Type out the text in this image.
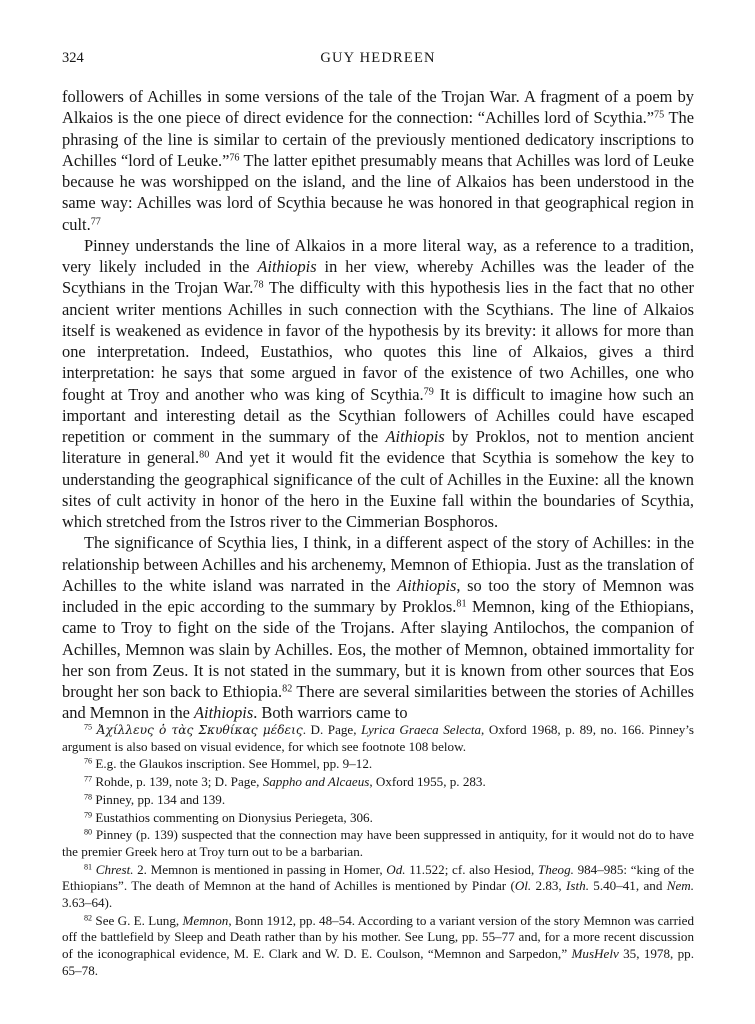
324	GUY HEDREEN

followers of Achilles in some versions of the tale of the Trojan War. A fragment of a poem by Alkaios is the one piece of direct evidence for the connection: “Achilles lord of Scythia.”$^{75}$ The phrasing of the line is similar to certain of the previously mentioned dedicatory inscriptions to Achilles “lord of Leuke.”$^{76}$ The latter epithet presumably means that Achilles was lord of Leuke because he was worshipped on the island, and the line of Alkaios has been understood in the same way: Achilles was lord of Scythia because he was honored in that geographical region in cult.$^{77}$

Pinney understands the line of Alkaios in a more literal way, as a reference to a tradition, very likely included in the Aithiopis in her view, whereby Achilles was the leader of the Scythians in the Trojan War.$^{78}$ The difficulty with this hypothesis lies in the fact that no other ancient writer mentions Achilles in such connection with the Scythians. The line of Alkaios itself is weakened as evidence in favor of the hypothesis by its brevity: it allows for more than one interpretation. Indeed, Eustathios, who quotes this line of Alkaios, gives a third interpretation: he says that some argued in favor of the existence of two Achilles, one who fought at Troy and another who was king of Scythia.$^{79}$ It is difficult to imagine how such an important and interesting detail as the Scythian followers of Achilles could have escaped repetition or comment in the summary of the Aithiopis by Proklos, not to mention ancient literature in general.$^{80}$ And yet it would fit the evidence that Scythia is somehow the key to understanding the geographical significance of the cult of Achilles in the Euxine: all the known sites of cult activity in honor of the hero in the Euxine fall within the boundaries of Scythia, which stretched from the Istros river to the Cimmerian Bosphoros.

The significance of Scythia lies, I think, in a different aspect of the story of Achilles: in the relationship between Achilles and his archenemy, Memnon of Ethiopia. Just as the translation of Achilles to the white island was narrated in the Aithiopis, so too the story of Memnon was included in the epic according to the summary by Proklos.$^{81}$ Memnon, king of the Ethiopians, came to Troy to fight on the side of the Trojans. After slaying Antilochos, the companion of Achilles, Memnon was slain by Achilles. Eos, the mother of Memnon, obtained immortality for her son from Zeus. It is not stated in the summary, but it is known from other sources that Eos brought her son back to Ethiopia.$^{82}$ There are several similarities between the stories of Achilles and Memnon in the Aithiopis. Both warriors came to

$^{75}$ Ἀχίλλευς ὁ τὰς Σκυθίκας μέδεις. D. Page, Lyrica Graeca Selecta, Oxford 1968, p. 89, no. 166. Pinney’s argument is also based on visual evidence, for which see footnote 108 below.

$^{76}$ E.g. the Glaukos inscription. See Hommel, pp. 9–12.

$^{77}$ Rohde, p. 139, note 3; D. Page, Sappho and Alcaeus, Oxford 1955, p. 283.

$^{78}$ Pinney, pp. 134 and 139.

$^{79}$ Eustathios commenting on Dionysius Periegeta, 306.

$^{80}$ Pinney (p. 139) suspected that the connection may have been suppressed in antiquity, for it would not do to have the premier Greek hero at Troy turn out to be a barbarian.

$^{81}$ Chrest. 2. Memnon is mentioned in passing in Homer, Od. 11.522; cf. also Hesiod, Theog. 984–985: “king of the Ethiopians”. The death of Memnon at the hand of Achilles is mentioned by Pindar (Ol. 2.83, Isth. 5.40–41, and Nem. 3.63–64).

$^{82}$ See G. E. Lung, Memnon, Bonn 1912, pp. 48–54. According to a variant version of the story Memnon was carried off the battlefield by Sleep and Death rather than by his mother. See Lung, pp. 55–77 and, for a more recent discussion of the iconographical evidence, M. E. Clark and W. D. E. Coulson, “Memnon and Sarpedon,” MusHelv 35, 1978, pp. 65–78.
